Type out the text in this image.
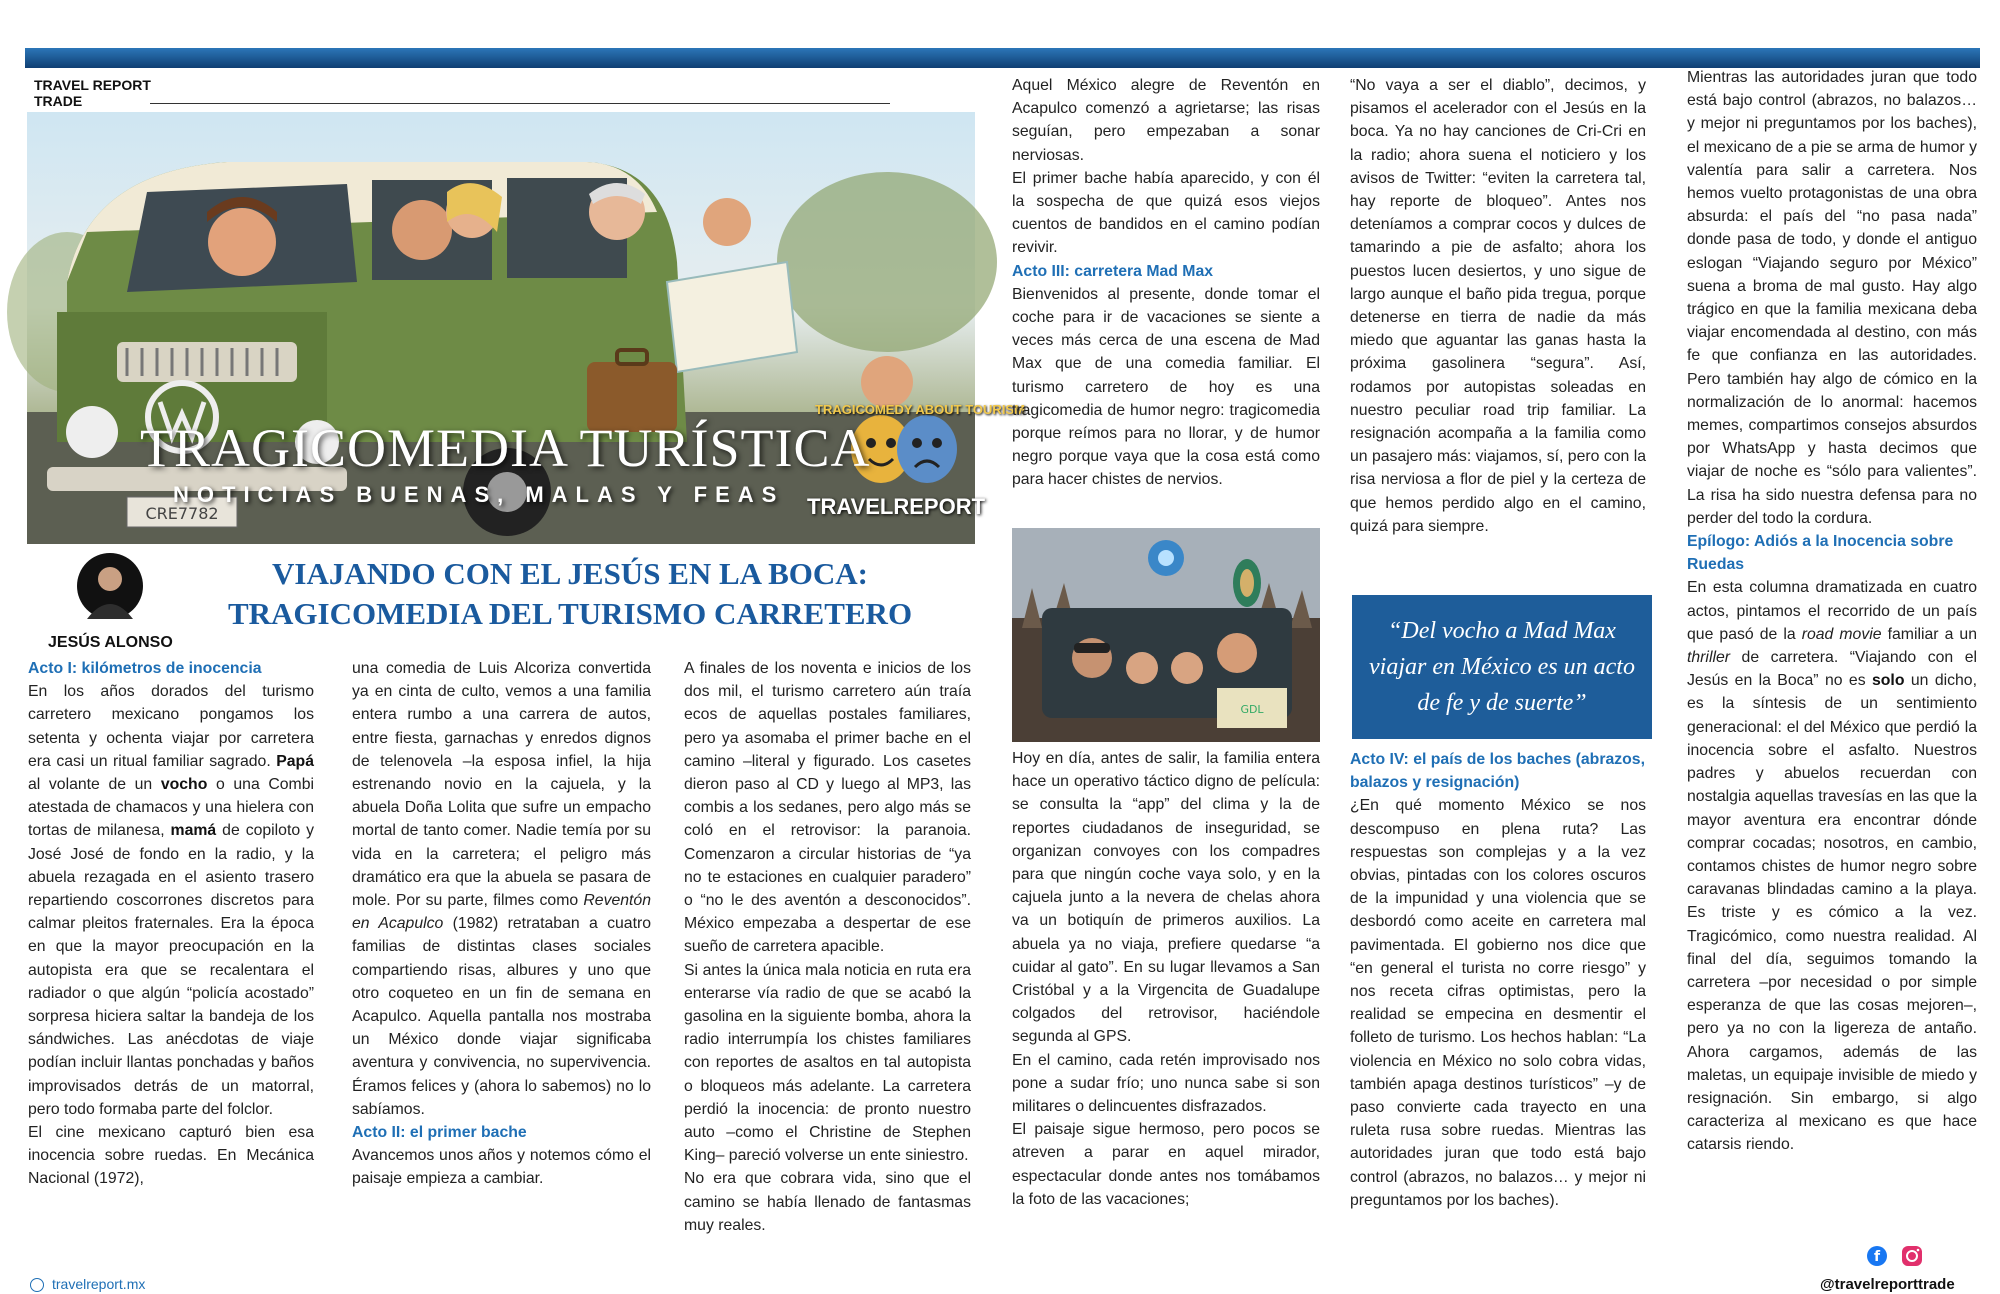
TRAVEL REPORT
TRADE
CRE7782
TRAGICOMEDY ABOUT TOURISM
TRAGICOMEDIA TURÍSTICA
NOTICIAS BUENAS, MALAS Y FEAS TRAVELREPORT
JESÚS ALONSO
VIAJANDO CON EL JESÚS EN LA BOCA:
TRAGICOMEDIA DEL TURISMO CARRETERO

Acto I: kilómetros de inocencia

En los años dorados del turismo carretero mexicano pongamos los setenta y ochenta viajar por carretera era casi un ritual familiar sagrado. Papá al volante de un vocho o una Combi atestada de chamacos y una hielera con tortas de milanesa, mamá de copiloto y José José de fondo en la radio, y la abuela rezagada en el asiento trasero repartiendo coscorrones discretos para calmar pleitos fraternales. Era la época en que la mayor preocupación en la autopista era que se recalentara el radiador o que algún “policía acostado” sorpresa hiciera saltar la bandeja de los sándwiches. Las anécdotas de viaje podían incluir llantas ponchadas y baños improvisados detrás de un matorral, pero todo formaba parte del folclor.

El cine mexicano capturó bien esa inocencia sobre ruedas. En Mecánica Nacional (1972),

una comedia de Luis Alcoriza convertida ya en cinta de culto, vemos a una familia entera rumbo a una carrera de autos, entre fiesta, garnachas y enredos dignos de telenovela –la esposa infiel, la hija estrenando novio en la cajuela, y la abuela Doña Lolita que sufre un empacho mortal de tanto comer. Nadie temía por su vida en la carretera; el peligro más dramático era que la abuela se pasara de mole. Por su parte, filmes como Reventón en Acapulco (1982) retrataban a cuatro familias de distintas clases sociales compartiendo risas, albures y uno que otro coqueteo en un fin de semana en Acapulco. Aquella pantalla nos mostraba un México donde viajar significaba aventura y convivencia, no supervivencia. Éramos felices y (ahora lo sabemos) no lo sabíamos.

Acto II: el primer bache

Avancemos unos años y notemos cómo el paisaje empieza a cambiar.

A finales de los noventa e inicios de los dos mil, el turismo carretero aún traía ecos de aquellas postales familiares, pero ya asomaba el primer bache en el camino –literal y figurado. Los casetes dieron paso al CD y luego al MP3, las combis a los sedanes, pero algo más se coló en el retrovisor: la paranoia. Comenzaron a circular historias de “ya no te estaciones en cualquier paradero” o “no le des aventón a desconocidos”. México empezaba a despertar de ese sueño de carretera apacible.

Si antes la única mala noticia en ruta era enterarse vía radio de que se acabó la gasolina en la siguiente bomba, ahora la radio interrumpía los chistes familiares con reportes de asaltos en tal autopista o bloqueos más adelante. La carretera perdió la inocencia: de pronto nuestro auto –como el Christine de Stephen King– pareció volverse un ente siniestro.

No era que cobrara vida, sino que el camino se había llenado de fantasmas muy reales.

Aquel México alegre de Reventón en Acapulco comenzó a agrietarse; las risas seguían, pero empezaban a sonar nerviosas.

El primer bache había aparecido, y con él la sospecha de que quizá esos viejos cuentos de bandidos en el camino podían revivir.

Acto III: carretera Mad Max

Bienvenidos al presente, donde tomar el coche para ir de vacaciones se siente a veces más cerca de una escena de Mad Max que de una comedia familiar. El turismo carretero de hoy es una tragicomedia de humor negro: tragicomedia porque reímos para no llorar, y de humor negro porque vaya que la cosa está como para hacer chistes de nervios.

GDL

Hoy en día, antes de salir, la familia entera hace un operativo táctico digno de película: se consulta la “app” del clima y la de reportes ciudadanos de inseguridad, se organizan convoyes con los compadres para que ningún coche vaya solo, y en la cajuela junto a la nevera de chelas ahora va un botiquín de primeros auxilios. La abuela ya no viaja, prefiere quedarse “a cuidar al gato”. En su lugar llevamos a San Cristóbal y a la Virgencita de Guadalupe colgados del retrovisor, haciéndole segunda al GPS.

En el camino, cada retén improvisado nos pone a sudar frío; uno nunca sabe si son militares o delincuentes disfrazados.

El paisaje sigue hermoso, pero pocos se atreven a parar en aquel mirador, espectacular donde antes nos tomábamos la foto de las vacaciones;

“No vaya a ser el diablo”, decimos, y pisamos el acelerador con el Jesús en la boca. Ya no hay canciones de Cri-Cri en la radio; ahora suena el noticiero y los avisos de Twitter: “eviten la carretera tal, hay reporte de bloqueo”. Antes nos deteníamos a comprar cocos y dulces de tamarindo a pie de asfalto; ahora los puestos lucen desiertos, y uno sigue de largo aunque el baño pida tregua, porque detenerse en tierra de nadie da más miedo que aguantar las ganas hasta la próxima gasolinera “segura”. Así, rodamos por autopistas soleadas en nuestro peculiar road trip familiar. La resignación acompaña a la familia como un pasajero más: viajamos, sí, pero con la risa nerviosa a flor de piel y la certeza de que hemos perdido algo en el camino, quizá para siempre.

“Del vocho a Mad Max viajar en México es un acto de fe y de suerte”

Acto IV: el país de los baches (abrazos, balazos y resignación)

¿En qué momento México se nos descompuso en plena ruta? Las respuestas son complejas y a la vez obvias, pintadas con los colores oscuros de la impunidad y una violencia que se desbordó como aceite en carretera mal pavimentada. El gobierno nos dice que “en general el turista no corre riesgo” y nos receta cifras optimistas, pero la realidad se empecina en desmentir el folleto de turismo. Los hechos hablan: “La violencia en México no solo cobra vidas, también apaga destinos turísticos” –y de paso convierte cada trayecto en una ruleta rusa sobre ruedas. Mientras las autoridades juran que todo está bajo control (abrazos, no balazos… y mejor ni preguntamos por los baches).

Mientras las autoridades juran que todo está bajo control (abrazos, no balazos… y mejor ni preguntamos por los baches), el mexicano de a pie se arma de humor y valentía para salir a carretera. Nos hemos vuelto protagonistas de una obra absurda: el país del “no pasa nada” donde pasa de todo, y donde el antiguo eslogan “Viajando seguro por México” suena a broma de mal gusto. Hay algo trágico en que la familia mexicana deba viajar encomendada al destino, con más fe que confianza en las autoridades. Pero también hay algo de cómico en la normalización de lo anormal: hacemos memes, compartimos consejos absurdos por WhatsApp y hasta decimos que viajar de noche es “sólo para valientes”. La risa ha sido nuestra defensa para no perder del todo la cordura.

Epílogo: Adiós a la Inocencia sobre Ruedas

En esta columna dramatizada en cuatro actos, pintamos el recorrido de un país que pasó de la road movie familiar a un thriller de carretera. “Viajando con el Jesús en la Boca” no es solo un dicho, es la síntesis de un sentimiento generacional: el del México que perdió la inocencia sobre el asfalto. Nuestros padres y abuelos recuerdan con nostalgia aquellas travesías en las que la mayor aventura era encontrar dónde comprar cocadas; nosotros, en cambio, contamos chistes de humor negro sobre caravanas blindadas camino a la playa. Es triste y es cómico a la vez. Tragicómico, como nuestra realidad. Al final del día, seguimos tomando la carretera –por necesidad o por simple esperanza de que las cosas mejoren–, pero ya no con la ligereza de antaño. Ahora cargamos, además de las maletas, un equipaje invisible de miedo y resignación. Sin embargo, si algo caracteriza al mexicano es que hace catarsis riendo.

travelreport.mx
f
@travelreporttrade
